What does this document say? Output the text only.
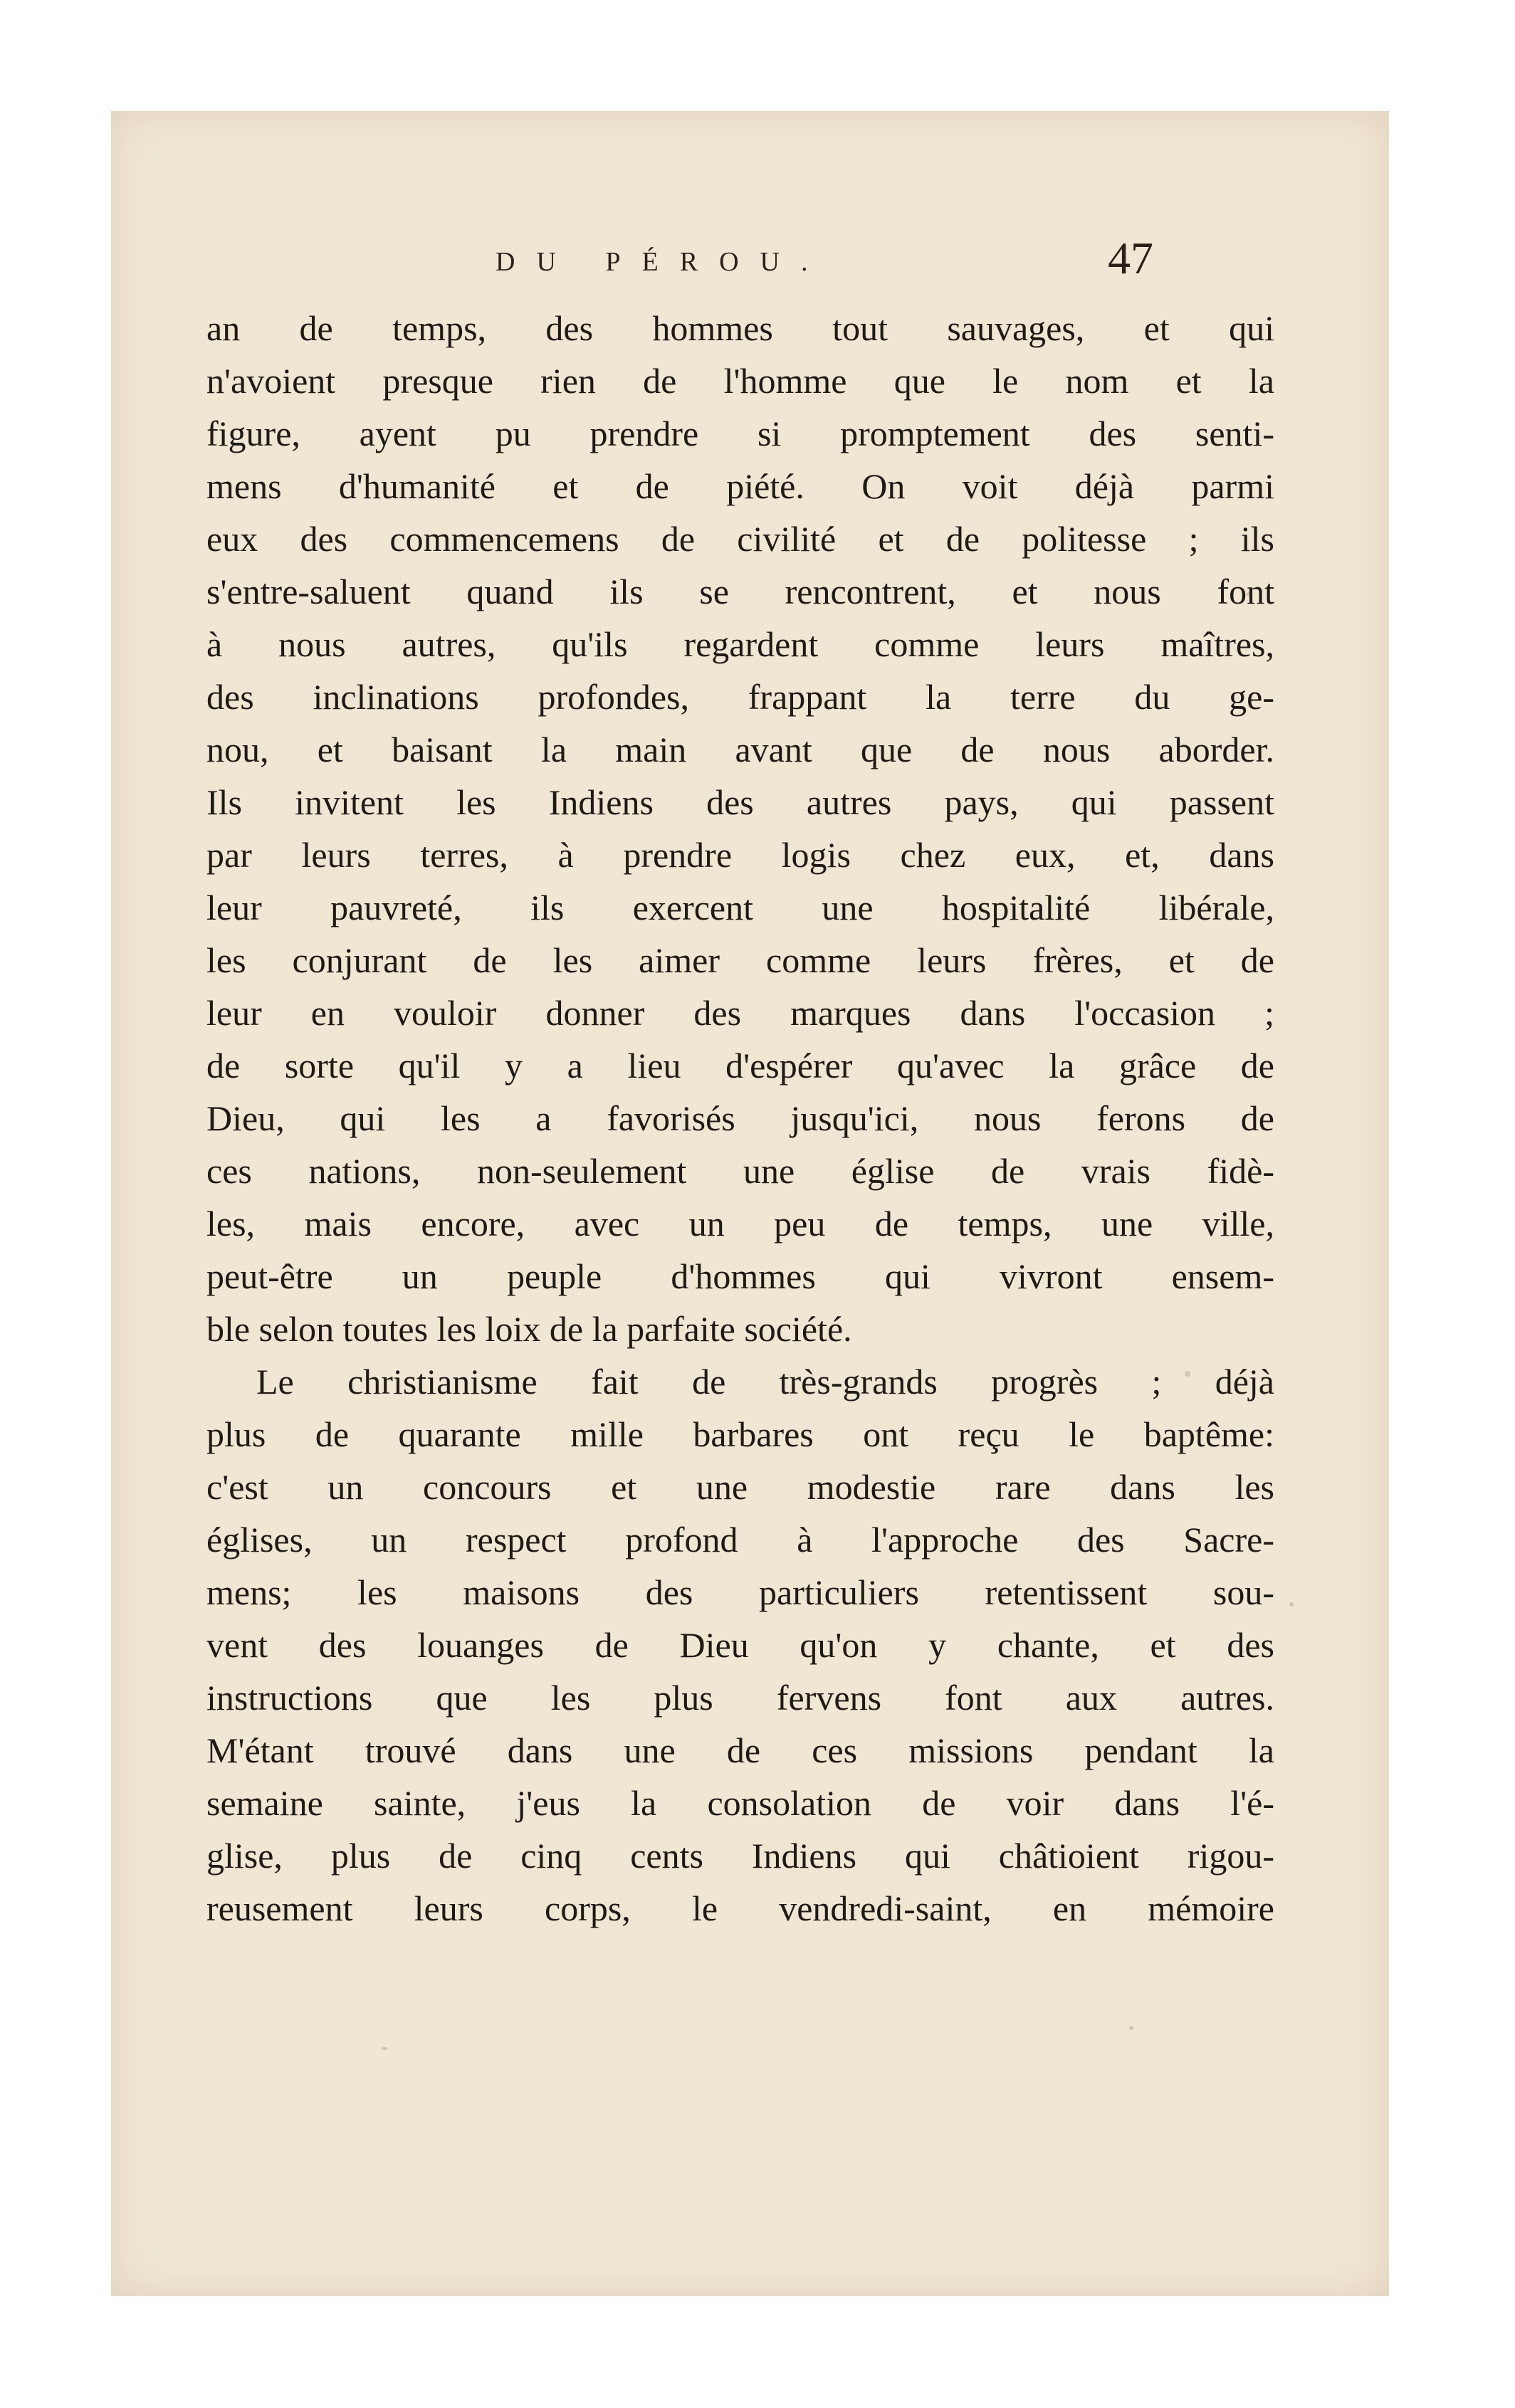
DU PÉROU.	47
an de temps, des hommes tout sauvages, et qui
n'avoient presque rien de l'homme que le nom et la
figure, ayent pu prendre si promptement des senti-
mens d'humanité et de piété. On voit déjà parmi
eux des commencemens de civilité et de politesse ; ils
s'entre-saluent quand ils se rencontrent, et nous font
à nous autres, qu'ils regardent comme leurs maîtres,
des inclinations profondes, frappant la terre du ge-
nou, et baisant la main avant que de nous aborder.
Ils invitent les Indiens des autres pays, qui passent
par leurs terres, à prendre logis chez eux, et, dans
leur pauvreté, ils exercent une hospitalité libérale,
les conjurant de les aimer comme leurs frères, et de
leur en vouloir donner des marques dans l'occasion ;
de sorte qu'il y a lieu d'espérer qu'avec la grâce de
Dieu, qui les a favorisés jusqu'ici, nous ferons de
ces nations, non-seulement une église de vrais fidè-
les, mais encore, avec un peu de temps, une ville,
peut-être un peuple d'hommes qui vivront ensem-
ble selon toutes les loix de la parfaite société.
Le christianisme fait de très-grands progrès ; déjà
plus de quarante mille barbares ont reçu le baptême:
c'est un concours et une modestie rare dans les
églises, un respect profond à l'approche des Sacre-
mens; les maisons des particuliers retentissent sou-
vent des louanges de Dieu qu'on y chante, et des
instructions que les plus fervens font aux autres.
M'étant trouvé dans une de ces missions pendant la
semaine sainte, j'eus la consolation de voir dans l'é-
glise, plus de cinq cents Indiens qui châtioient rigou-
reusement leurs corps, le vendredi-saint, en mémoire
